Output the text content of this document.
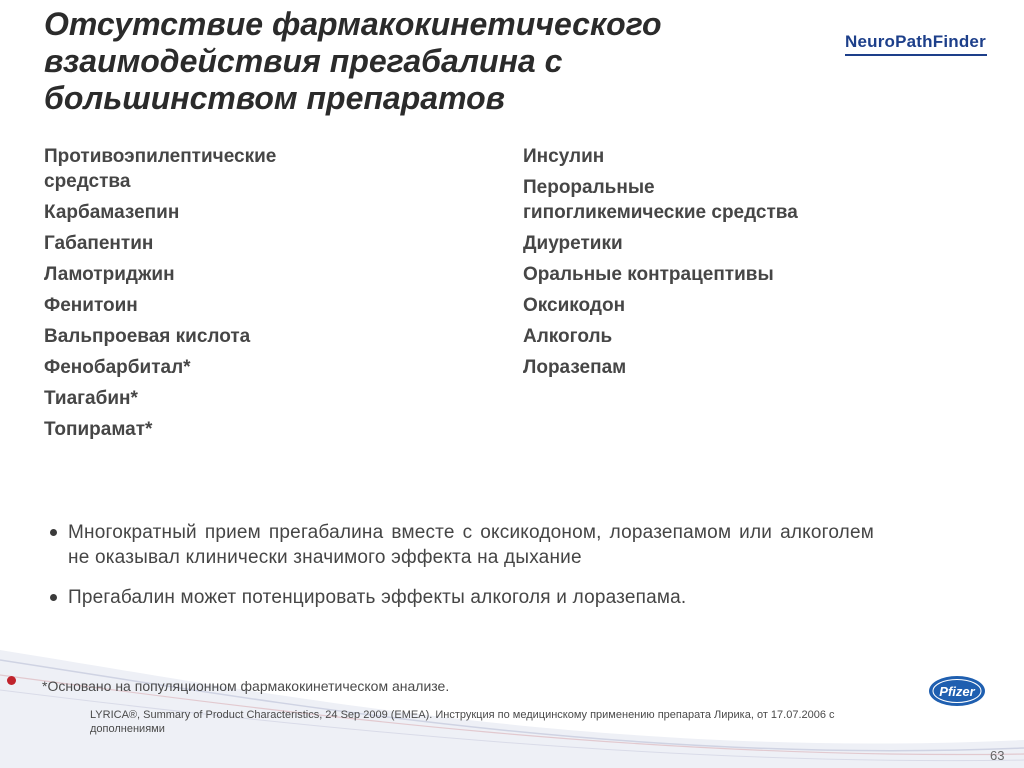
Отсутствие фармакокинетического взаимодействия прегабалина с большинством препаратов
NeuroPathFinder
Противоэпилептические средства
Карбамазепин
Габапентин
Ламотриджин
Фенитоин
Вальпроевая кислота
Фенобарбитал*
Тиагабин*
Топирамат*
Инсулин
Пероральные гипогликемические средства
Диуретики
Оральные контрацептивы
Оксикодон
Алкоголь
Лоразепам
Многократный прием прегабалина вместе с оксикодоном, лоразепамом или алкоголем не оказывал клинически значимого эффекта на дыхание
Прегабалин может потенцировать эффекты алкоголя и лоразепама.
*Основано на популяционном фармакокинетическом анализе.
LYRICA®, Summary of Product Characteristics, 24 Sep 2009 (EMEA). Инструкция по медицинскому применению препарата Лирика, от 17.07.2006 с дополнениями
Pfizer
63
